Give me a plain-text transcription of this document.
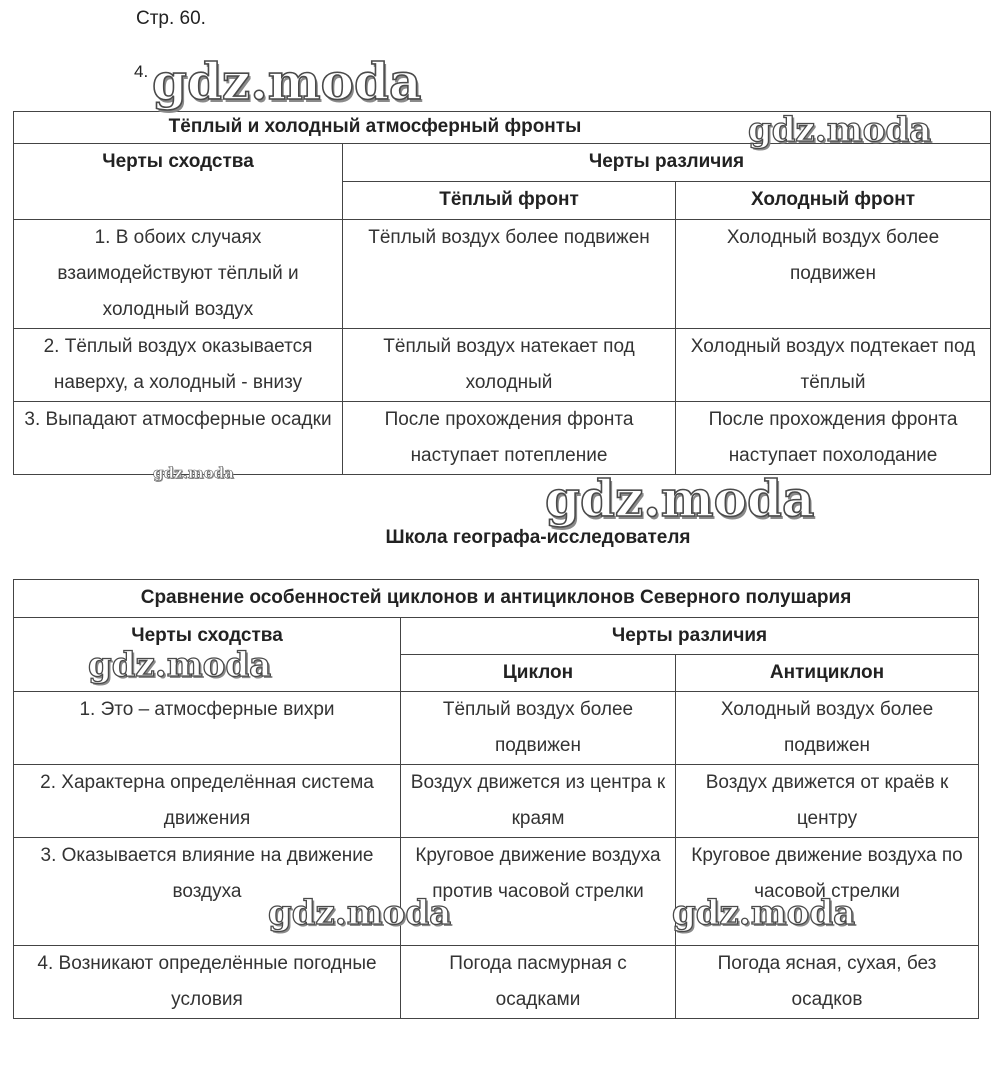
Стр. 60.
4. gdz.moda
gdz.moda
gdz.moda	gdz.moda
gdz.moda
gdz.moda	gdz.moda
Тёплый и холодный атмосферный фронты		
Черты сходства	Черты различия	
	Тёплый фронт	Холодный фронт
1. В обоих случаях взаимодействуют тёплый и холодный воздух	Тёплый воздух более подвижен	Холодный воздух более подвижен
2. Тёплый воздух оказывается наверху, а холодный - внизу	Тёплый воздух натекает под холодный	Холодный воздух подтекает под тёплый
3. Выпадают атмосферные осадки	После прохождения фронта наступает потепление	После прохождения фронта наступает похолодание
Школа географа-исследователя
Сравнение особенностей циклонов и антициклонов Северного полушария		
Черты сходства	Черты различия	
	Циклон	Антициклон
1. Это – атмосферные вихри	Тёплый воздух более подвижен	Холодный воздух более подвижен
2. Характерна определённая система движения	Воздух движется из центра к краям	Воздух движется от краёв к центру
3. Оказывается влияние на движение воздуха	Круговое движение воздуха против часовой стрелки	Круговое движение воздуха по часовой стрелки
4. Возникают определённые погодные условия	Погода пасмурная с осадками	Погода ясная, сухая, без осадков
